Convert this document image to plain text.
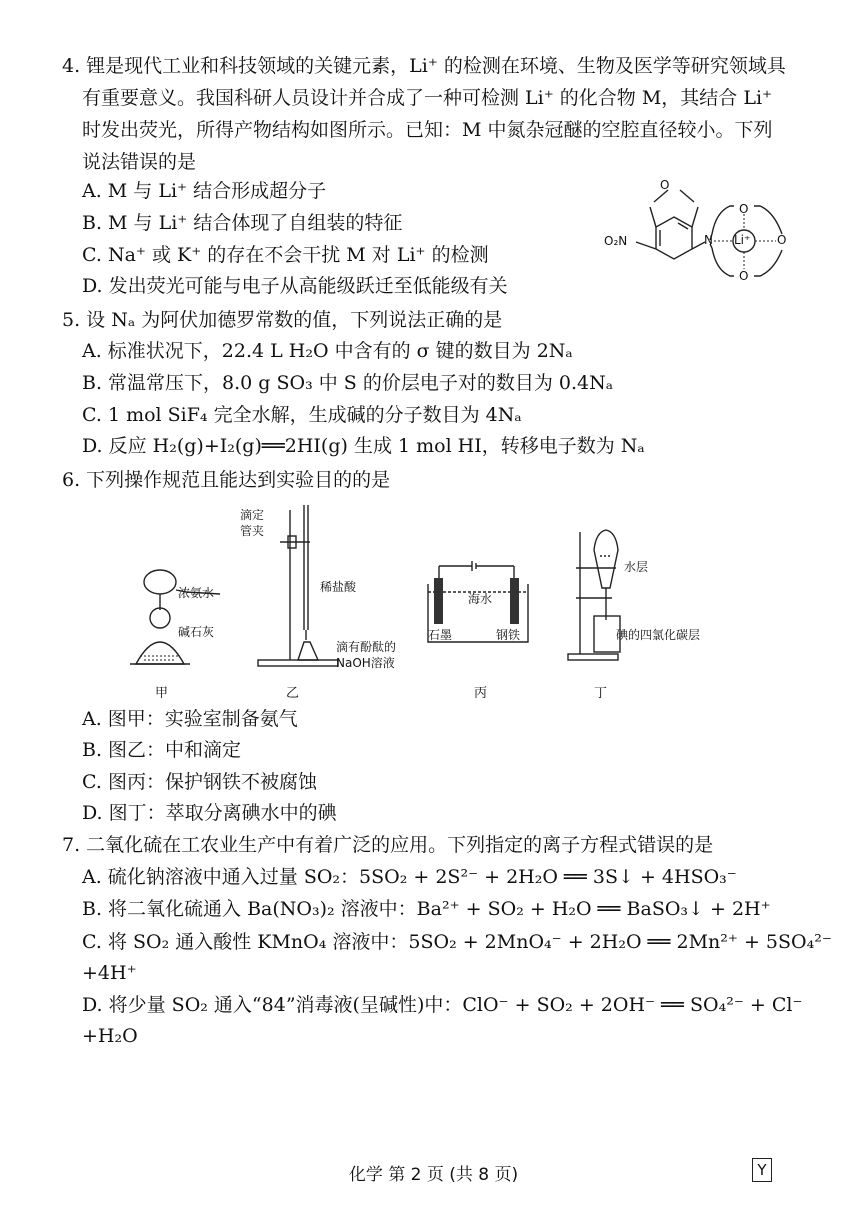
4. 锂是现代工业和科技领域的关键元素，Li⁺ 的检测在环境、生物及医学等研究领域具
有重要意义。我国科研人员设计并合成了一种可检测 Li⁺ 的化合物 M，其结合 Li⁺
时发出荧光，所得产物结构如图所示。已知：M 中氮杂冠醚的空腔直径较小。下列
说法错误的是
A. M 与 Li⁺ 结合形成超分子
B. M 与 Li⁺ 结合体现了自组装的特征
C. Na⁺ 或 K⁺ 的存在不会干扰 M 对 Li⁺ 的检测
D. 发出荧光可能与电子从高能级跃迁至低能级有关
O
O₂N	N Li⁺
O
O
O
5. 设 Nₐ 为阿伏加德罗常数的值，下列说法正确的是
A. 标准状况下，22.4 L H₂O 中含有的 σ 键的数目为 2Nₐ
B. 常温常压下，8.0 g SO₃ 中 S 的价层电子对的数目为 0.4Nₐ
C. 1 mol SiF₄ 完全水解，生成碱的分子数目为 4Nₐ
D. 反应 H₂(g)+I₂(g)══2HI(g) 生成 1 mol HI，转移电子数为 Nₐ
6. 下列操作规范且能达到实验目的的是
浓氨水
碱石灰
甲
滴定
管夹
稀盐酸
滴有酚酞的
NaOH溶液
乙
海水
石墨	钢铁
丙
水层
碘的四氯化碳层
丁
A. 图甲：实验室制备氨气
B. 图乙：中和滴定
C. 图丙：保护钢铁不被腐蚀
D. 图丁：萃取分离碘水中的碘
7. 二氧化硫在工农业生产中有着广泛的应用。下列指定的离子方程式错误的是
A. 硫化钠溶液中通入过量 SO₂：5SO₂ + 2S²⁻ + 2H₂O ══ 3S↓ + 4HSO₃⁻
B. 将二氧化硫通入 Ba(NO₃)₂ 溶液中：Ba²⁺ + SO₂ + H₂O ══ BaSO₃↓ + 2H⁺
C. 将 SO₂ 通入酸性 KMnO₄ 溶液中：5SO₂ + 2MnO₄⁻ + 2H₂O ══ 2Mn²⁺ + 5SO₄²⁻
+4H⁺
D. 将少量 SO₂ 通入“84”消毒液(呈碱性)中：ClO⁻ + SO₂ + 2OH⁻ ══ SO₄²⁻ + Cl⁻
+H₂O
化学 第 2 页 (共 8 页)	Y
